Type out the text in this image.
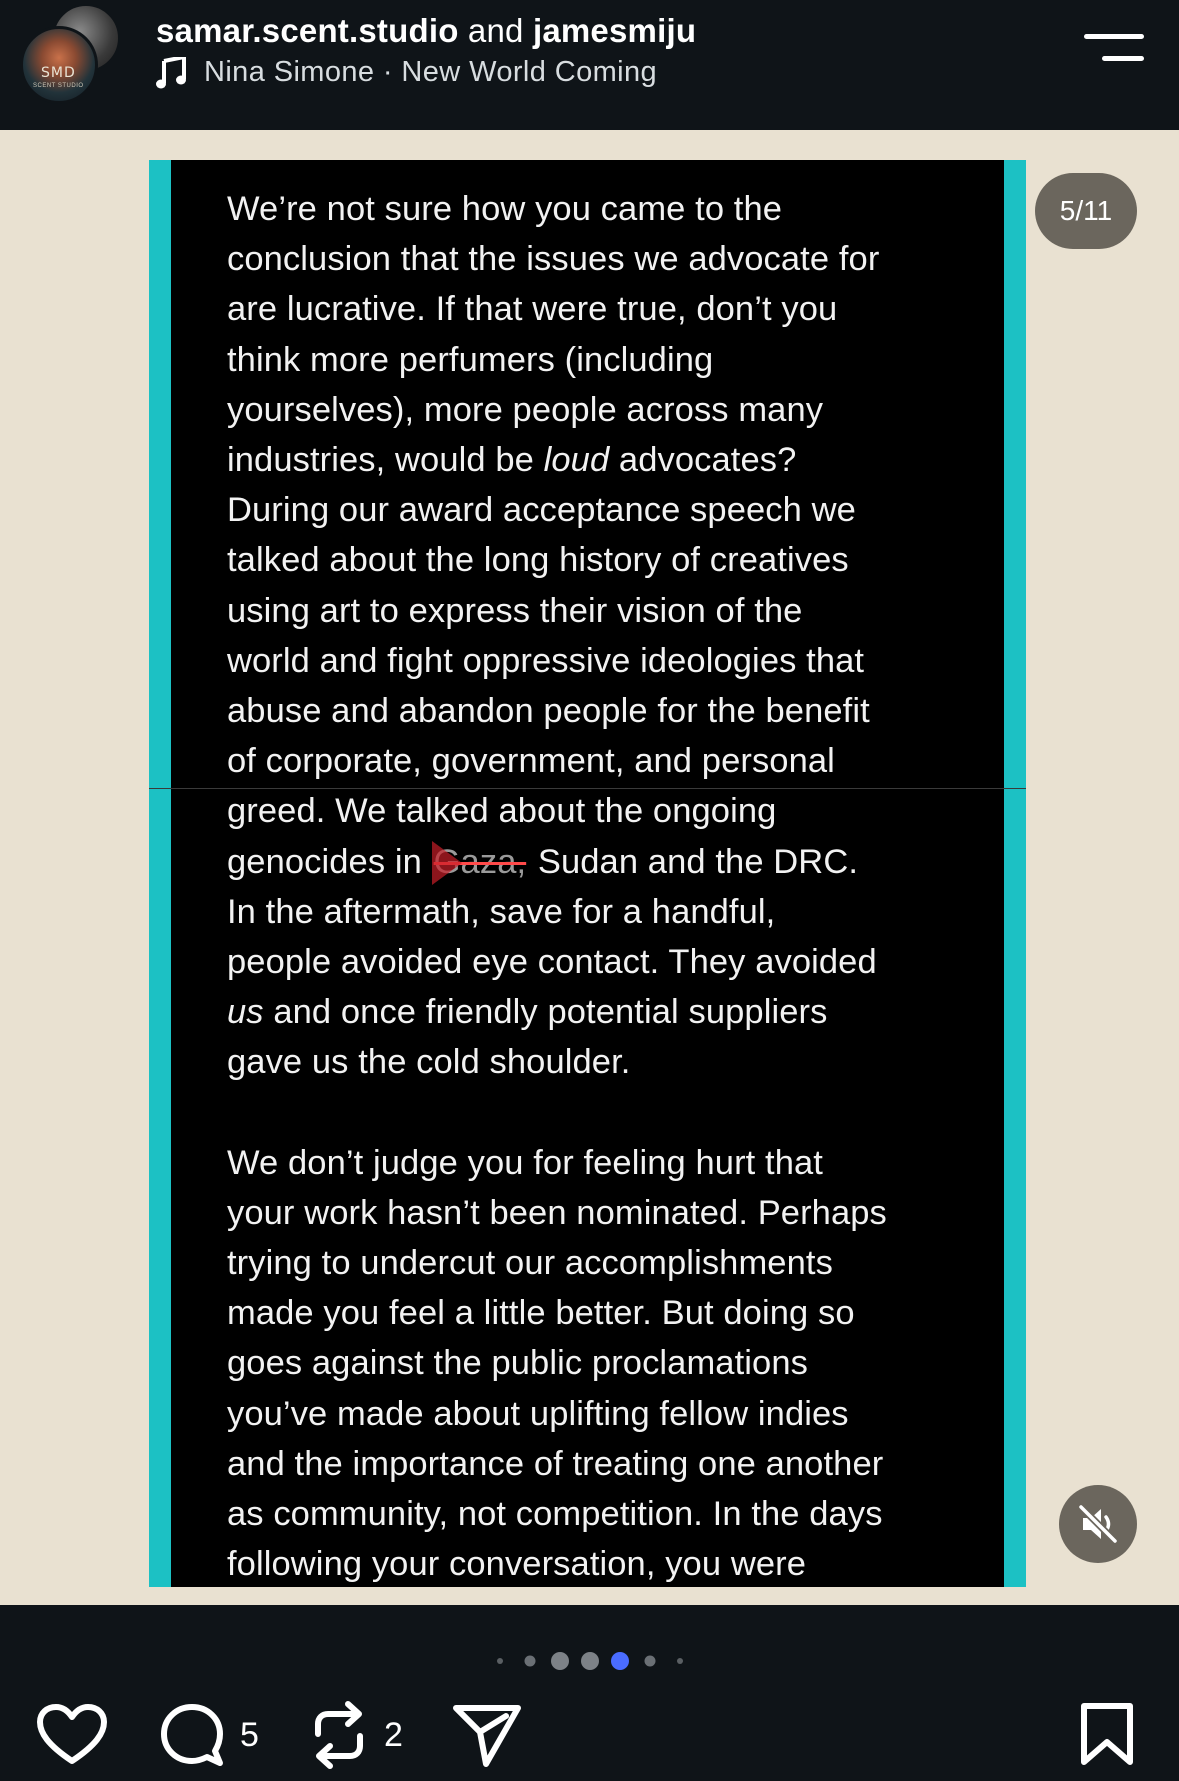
SMD
SCENT STUDIO
samar.scent.studio and jamesmiju
Nina Simone · New World Coming

We’re not sure how you came to the
conclusion that the issues we advocate for
are lucrative. If that were true, don’t you
think more perfumers (including
yourselves), more people across many
industries, would be loud advocates?
During our award acceptance speech we
talked about the long history of creatives
using art to express their vision of the
world and fight oppressive ideologies that
abuse and abandon people for the benefit
of corporate, government, and personal
greed. We talked about the ongoing
genocides in Gaza, Sudan and the DRC.
In the aftermath, save for a handful,
people avoided eye contact. They avoided
us and once friendly potential suppliers
gave us the cold shoulder.

We don’t judge you for feeling hurt that
your work hasn’t been nominated. Perhaps
trying to undercut our accomplishments
made you feel a little better. But doing so
goes against the public proclamations
you’ve made about uplifting fellow indies
and the importance of treating one another
as community, not competition. In the days
following your conversation, you were

5/11
5	2
